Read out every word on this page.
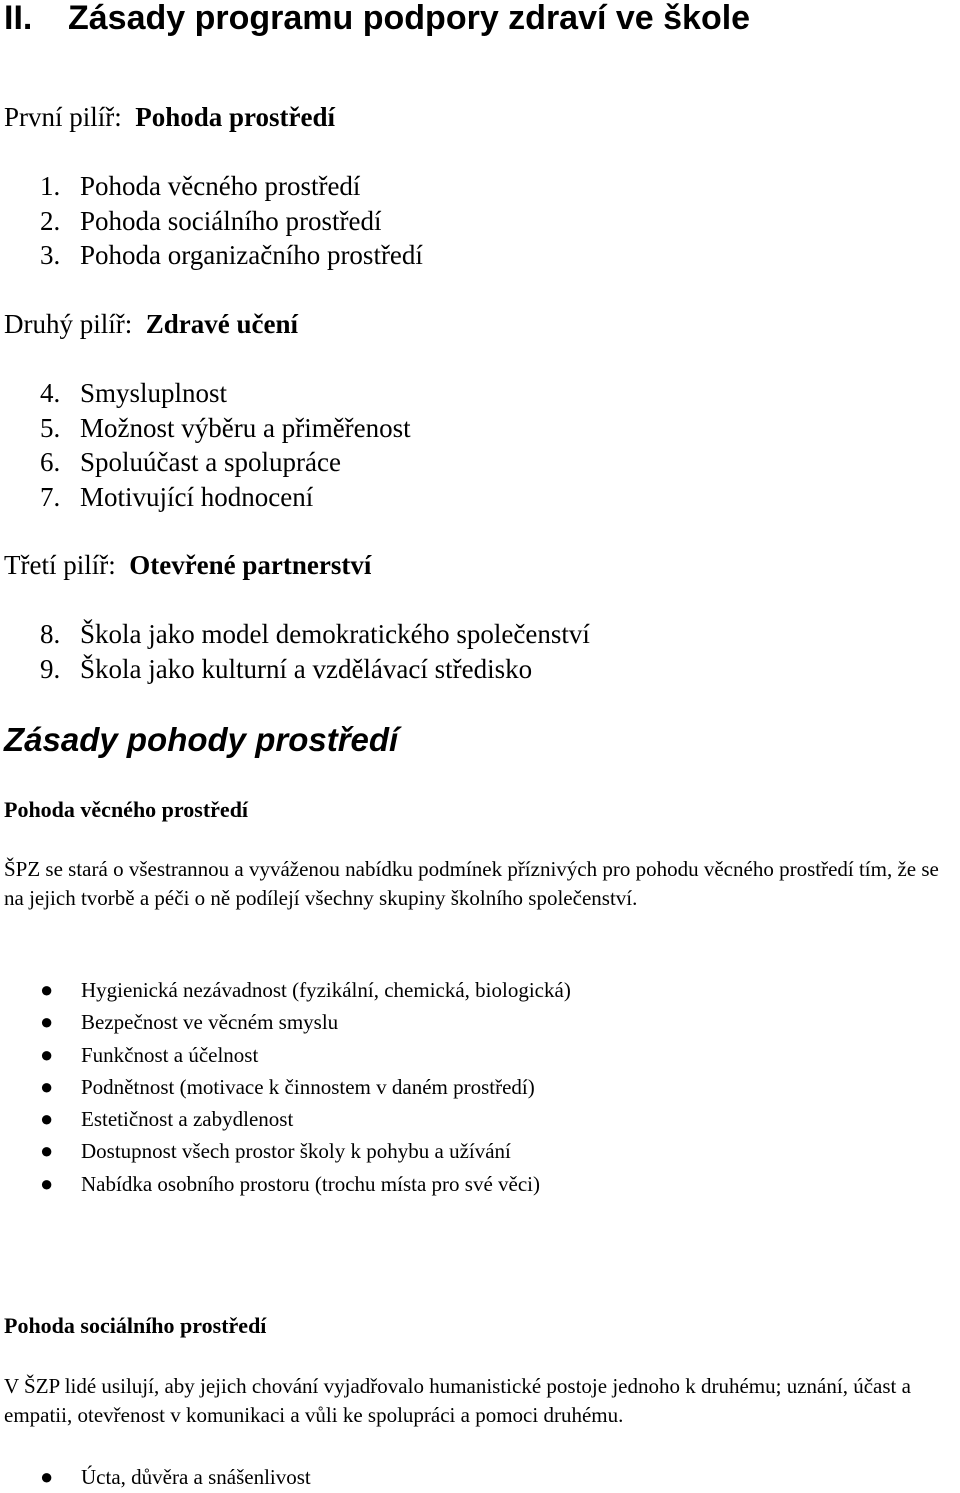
II. Zásady programu podpory zdraví ve škole
První pilíř: Pohoda prostředí
1. Pohoda věcného prostředí
2. Pohoda sociálního prostředí
3. Pohoda organizačního prostředí
Druhý pilíř: Zdravé učení
4. Smysluplnost
5. Možnost výběru a přiměřenost
6. Spoluúčast a spolupráce
7. Motivující hodnocení
Třetí pilíř: Otevřené partnerství
8. Škola jako model demokratického společenství
9. Škola jako kulturní a vzdělávací středisko
Zásady pohody prostředí
Pohoda věcného prostředí
ŠPZ se stará o všestrannou a vyváženou nabídku podmínek příznivých pro pohodu věcného prostředí tím, že se na jejich tvorbě a péči o ně podílejí všechny skupiny školního společenství.
● Hygienická nezávadnost (fyzikální, chemická, biologická)
● Bezpečnost ve věcném smyslu
● Funkčnost a účelnost
● Podnětnost (motivace k činnostem v daném prostředí)
● Estetičnost a zabydlenost
● Dostupnost všech prostor školy k pohybu a užívání
● Nabídka osobního prostoru (trochu místa pro své věci)
Pohoda sociálního prostředí
V ŠZP lidé usilují, aby jejich chování vyjadřovalo humanistické postoje jednoho k druhému; uznání, účast a empatii, otevřenost v komunikaci a vůli ke spolupráci a pomoci druhému.
● Úcta, důvěra a snášenlivost
